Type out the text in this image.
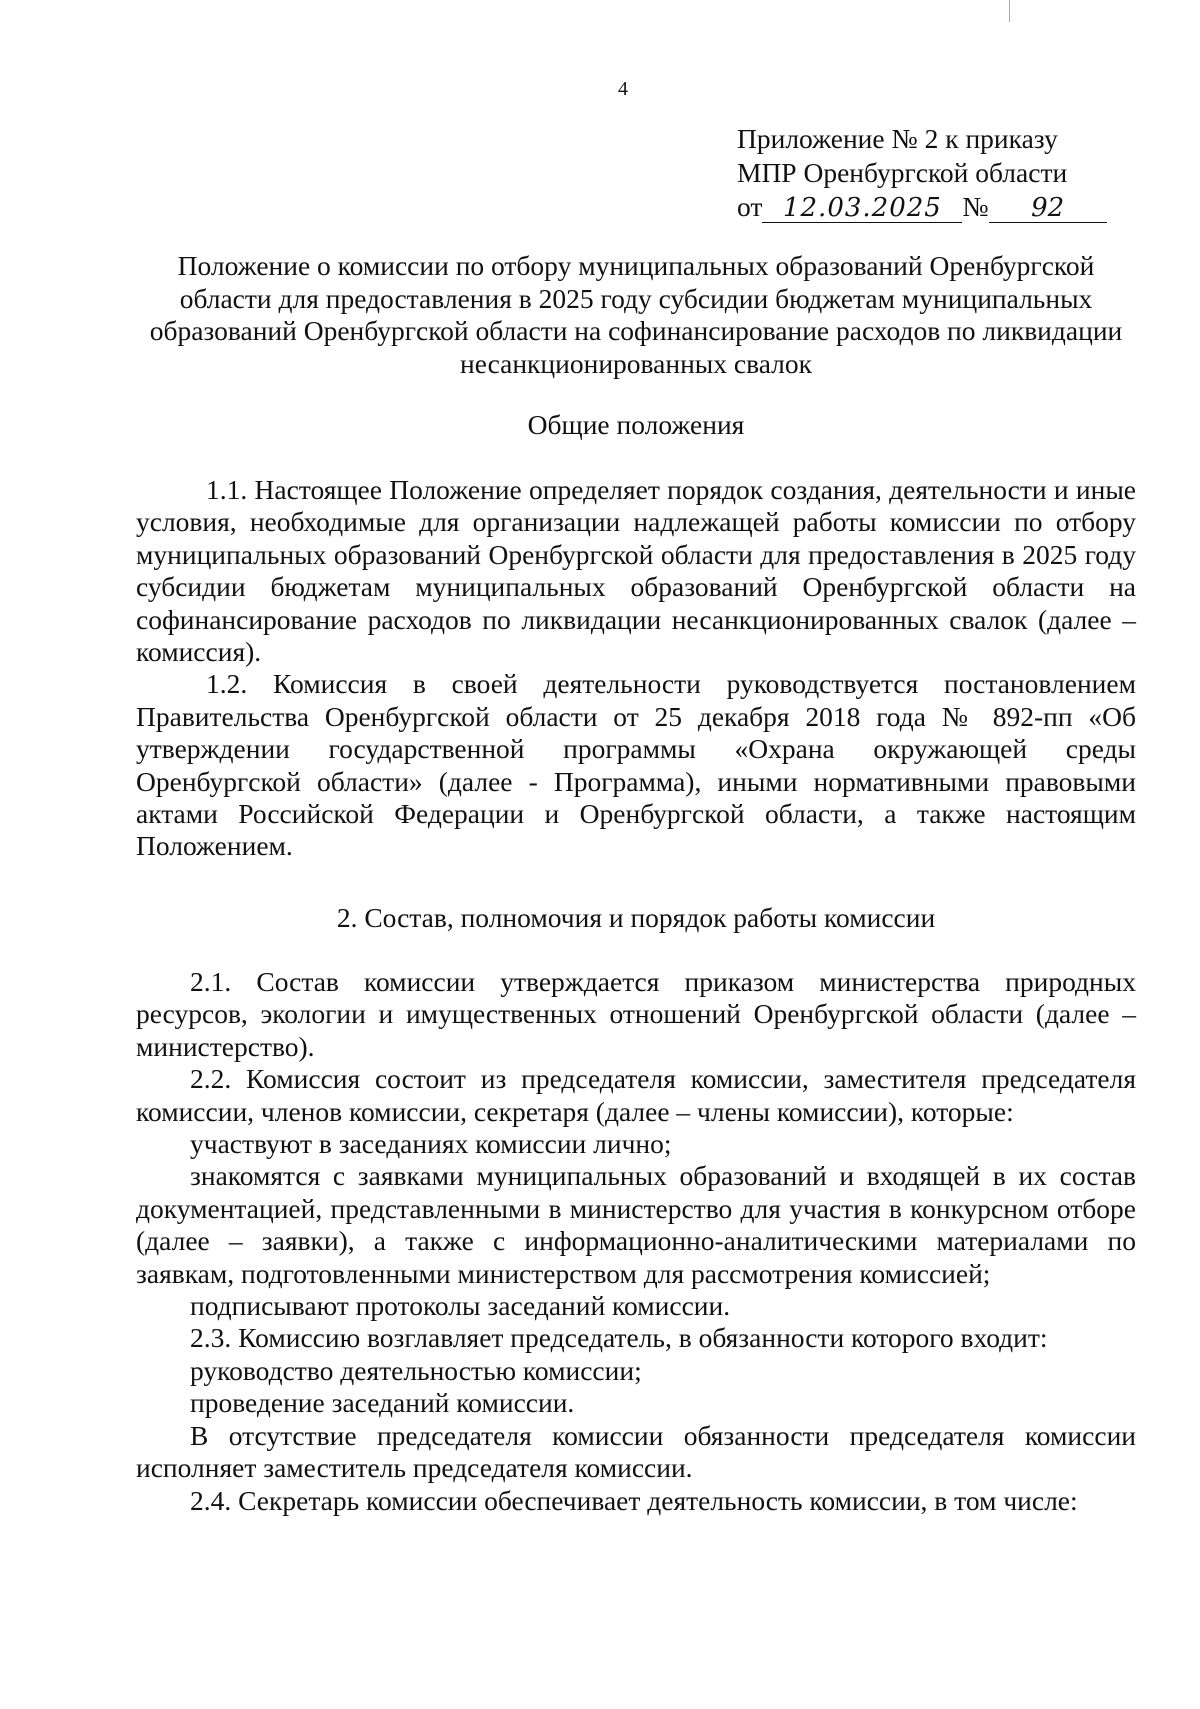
4
Приложение № 2 к приказу
МПР Оренбургской области
от 12.03.2025 № 92
Положение о комиссии по отбору муниципальных образований Оренбургской области для предоставления в 2025 году субсидии бюджетам муниципальных образований Оренбургской области на софинансирование расходов по ликвидации несанкционированных свалок
Общие положения

1.1. Настоящее Положение определяет порядок создания, деятельности и иные условия, необходимые для организации надлежащей работы комиссии по отбору муниципальных образований Оренбургской области для предоставления в 2025 году субсидии бюджетам муниципальных образований Оренбургской области на софинансирование расходов по ликвидации несанкционированных свалок (далее – комиссия).

1.2. Комиссия в своей деятельности руководствуется постановлением Правительства Оренбургской области от 25 декабря 2018 года № 892-пп «Об утверждении государственной программы «Охрана окружающей среды Оренбургской области» (далее - Программа), иными нормативными правовыми актами Российской Федерации и Оренбургской области, а также настоящим Положением.

2. Состав, полномочия и порядок работы комиссии

2.1. Состав комиссии утверждается приказом министерства природных ресурсов, экологии и имущественных отношений Оренбургской области (далее – министерство).

2.2. Комиссия состоит из председателя комиссии, заместителя председателя комиссии, членов комиссии, секретаря (далее – члены комиссии), которые:

участвуют в заседаниях комиссии лично;

знакомятся с заявками муниципальных образований и входящей в их состав документацией, представленными в министерство для участия в конкурсном отборе (далее – заявки), а также с информационно-аналитическими материалами по заявкам, подготовленными министерством для рассмотрения комиссией;

подписывают протоколы заседаний комиссии.

2.3. Комиссию возглавляет председатель, в обязанности которого входит:

руководство деятельностью комиссии;

проведение заседаний комиссии.

В отсутствие председателя комиссии обязанности председателя комиссии исполняет заместитель председателя комиссии.

2.4. Секретарь комиссии обеспечивает деятельность комиссии, в том числе:
